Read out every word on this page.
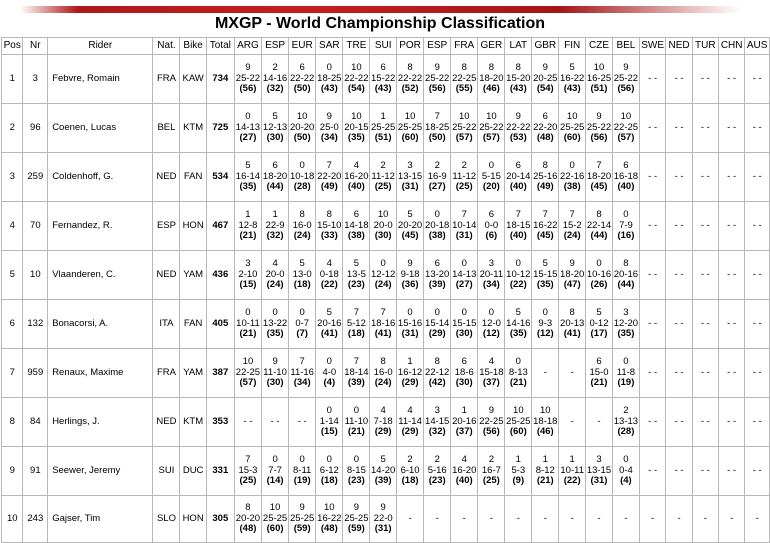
MXGP - World Championship Classification
Pos	Nr	Rider	Nat.	Bike	Total	ARG	ESP	EUR	SAR	TRE	SUI	POR	ESP	FRA	GER	LAT	GBR	FIN	CZE	BEL	SWE	NED	TUR	CHN	AUS
1	3	Febvre, Romain	FRA	KAW	734	9
25-22
(56)	2
14-16
(32)	6
22-22
(50)	0
18-25
(43)	10
22-22
(54)	6
15-22
(43)	8
22-22
(52)	9
25-22
(56)	8
22-25
(55)	8
18-20
(46)	8
15-20
(43)	9
20-25
(54)	5
16-22
(43)	10
16-25
(51)	9
25-22
(56)	- -	- -	- -	- -	- -

2	96	Coenen, Lucas	BEL	KTM	725	0
14-13
(27)	5
12-13
(30)	10
20-20
(50)	9
25-0
(34)	10
20-15
(35)	1
25-25
(51)	10
25-25
(60)	7
18-25
(50)	10
25-22
(57)	10
25-22
(57)	9
22-22
(53)	6
22-20
(48)	10
25-25
(60)	9
25-22
(56)	10
22-25
(57)	- -	- -	- -	- -	- -

3	259	Coldenhoff, G.	NED	FAN	534	5
16-14
(35)	6
18-20
(44)	0
10-18
(28)	7
22-20
(49)	4
16-20
(40)	2
11-12
(25)	3
13-15
(31)	2
16-9
(27)	2
11-12
(25)	0
5-15
(20)	6
20-14
(40)	8
25-16
(49)	0
22-16
(38)	7
18-20
(45)	6
16-18
(40)	- -	- -	- -	- -	- -

4	70	Fernandez, R.	ESP	HON	467	1
12-8
(21)	1
22-9
(32)	8
16-0
(24)	8
15-10
(33)	6
14-18
(38)	10
20-0
(30)	5
20-20
(45)	0
20-18
(38)	7
10-14
(31)	6
0-0
(6)	7
18-15
(40)	7
16-22
(45)	7
15-2
(24)	8
22-14
(44)	0
7-9
(16)	- -	- -	- -	- -	- -

5	10	Vlaanderen, C.	NED	YAM	436	3
2-10
(15)	4
20-0
(24)	5
13-0
(18)	4
0-18
(22)	5
13-5
(23)	0
12-12
(24)	9
9-18
(36)	6
13-20
(39)	0
14-13
(27)	3
20-11
(34)	0
10-12
(22)	5
15-15
(35)	9
18-20
(47)	0
10-16
(26)	8
20-16
(44)	- -	- -	- -	- -	- -

6	132	Bonacorsi, A.	ITA	FAN	405	0
10-11
(21)	0
13-22
(35)	0
0-7
(7)	5
20-16
(41)	7
5-12
(18)	7
18-16
(41)	0
15-16
(31)	0
15-14
(29)	0
15-15
(30)	0
12-0
(12)	5
14-16
(35)	0
9-3
(12)	8
20-13
(41)	5
0-12
(17)	3
12-20
(35)	- -	- -	- -	- -	- -

7	959	Renaux, Maxime	FRA	YAM	387	10
22-25
(57)	9
11-10
(30)	7
11-16
(34)	0
4-0
(4)	7
18-14
(39)	8
16-0
(24)	1
16-12
(29)	8
22-12
(42)	6
18-6
(30)	4
15-18
(37)	0
8-13
(21)	-	-	6
15-0
(21)	0
11-8
(19)	- -	- -	- -	- -	- -

8	84	Herlings, J.	NED	KTM	353	- -	- -	- -	0
1-14
(15)	0
11-10
(21)	4
7-18
(29)	4
11-14
(29)	3
14-15
(32)	1
20-16
(37)	9
22-25
(56)	10
25-25
(60)	10
18-18
(46)	-	-	2
13-13
(28)	- -	- -	- -	- -	- -

9	91	Seewer, Jeremy	SUI	DUC	331	7
15-3
(25)	0
7-7
(14)	0
8-11
(19)	0
6-12
(18)	0
8-15
(23)	5
14-20
(39)	2
6-10
(18)	2
5-16
(23)	4
16-20
(40)	2
16-7
(25)	1
5-3
(9)	1
8-12
(21)	1
10-11
(22)	3
13-15
(31)	0
0-4
(4)	- -	- -	- -	- -	- -

10	243	Gajser, Tim	SLO	HON	305	8
20-20
(48)	10
25-25
(60)	9
25-25
(59)	10
16-22
(48)	9
25-25
(59)	9
22-0
(31)	-	-	-	-	-	-	-	-	-	-	-	-	-	-
